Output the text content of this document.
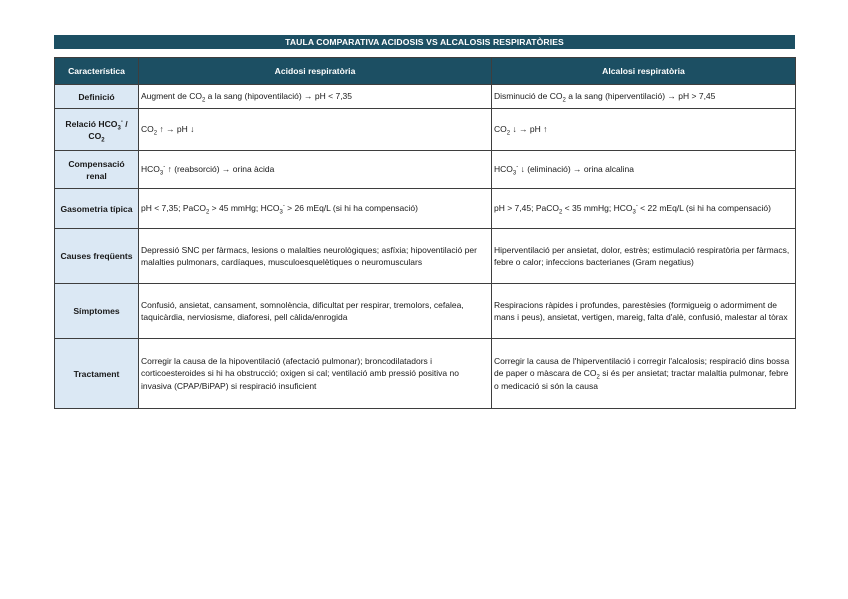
TAULA COMPARATIVA ACIDOSIS VS ALCALOSIS RESPIRATÒRIES
Característica	Acidosi respiratòria	Alcalosi respiratòria
Definició	Augment de $CO_2$ a la sang (hipoventilació) → pH < 7,35	Disminució de $CO_2$ a la sang (hiperventilació) → pH > 7,45
Relació $HCO_3^- / CO_2$	$CO_2$ ↑ → pH ↓	$CO_2$ ↓ → pH ↑
Compensació renal	$HCO_3^-$ ↑ (reabsorció) → orina àcida	$HCO_3^-$ ↓ (eliminació) → orina alcalina
Gasometria típica	pH < 7,35; PaCO$_2$ > 45 mmHg; $HCO_3^- > 26$ mEq/L (si hi ha compensació)	pH > 7,45; PaCO$_2$ < 35 mmHg; $HCO_3^- < 22$ mEq/L (si hi ha compensació)
Causes freqüents	Depressió SNC per fàrmacs, lesions o malalties neurològiques; asfíxia; hipoventilació per malalties pulmonars, cardíaques, musculoesquelètiques o neuromusculars	Hiperventilació per ansietat, dolor, estrès; estimulació respiratòria per fàrmacs, febre o calor; infeccions bacterianes (Gram negatius)
Símptomes	Confusió, ansietat, cansament, somnolència, dificultat per respirar, tremolors, cefalea, taquicàrdia, nerviosisme, diaforesi, pell càlida/enrogida	Respiracions ràpides i profundes, parestèsies (formigueig o adormiment de mans i peus), ansietat, vertigen, mareig, falta d'alè, confusió, malestar al tòrax
Tractament	Corregir la causa de la hipoventilació (afectació pulmonar); broncodilatadors i corticoesteroides si hi ha obstrucció; oxigen si cal; ventilació amb pressió positiva no invasiva (CPAP/BiPAP) si respiració insuficient	Corregir la causa de l'hiperventilació i corregir l'alcalosis; respiració dins bossa de paper o màscara de $CO_2$ si és per ansietat; tractar malaltia pulmonar, febre o medicació si són la causa
